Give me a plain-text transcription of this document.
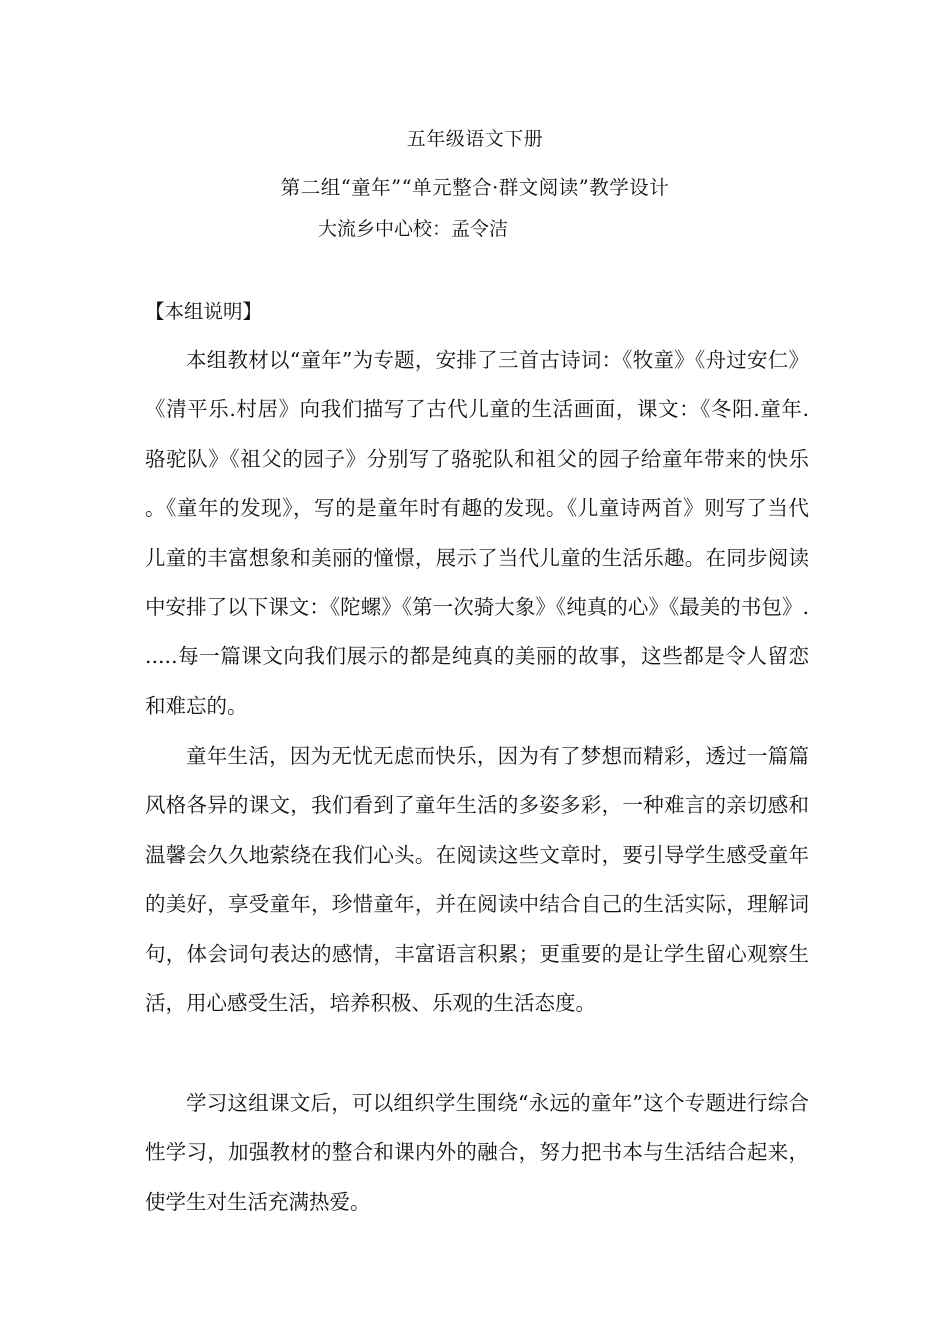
五年级语文下册
第二组“童年”“单元整合·群文阅读”教学设计
大流乡中心校：孟令洁
【本组说明】

本组教材以“童年”为专题，安排了三首古诗词：《牧童》《舟过安仁》《清平乐.村居》向我们描写了古代儿童的生活画面，课文：《冬阳.童年.骆驼队》《祖父的园子》分别写了骆驼队和祖父的园子给童年带来的快乐。《童年的发现》，写的是童年时有趣的发现。《儿童诗两首》则写了当代儿童的丰富想象和美丽的憧憬，展示了当代儿童的生活乐趣。在同步阅读中安排了以下课文：《陀螺》《第一次骑大象》《纯真的心》《最美的书包》......每一篇课文向我们展示的都是纯真的美丽的故事，这些都是令人留恋和难忘的。

童年生活，因为无忧无虑而快乐，因为有了梦想而精彩，透过一篇篇风格各异的课文，我们看到了童年生活的多姿多彩，一种难言的亲切感和温馨会久久地萦绕在我们心头。在阅读这些文章时，要引导学生感受童年的美好，享受童年，珍惜童年，并在阅读中结合自己的生活实际，理解词句，体会词句表达的感情，丰富语言积累；更重要的是让学生留心观察生活，用心感受生活，培养积极、乐观的生活态度。

学习这组课文后，可以组织学生围绕“永远的童年”这个专题进行综合性学习，加强教材的整合和课内外的融合，努力把书本与生活结合起来，使学生对生活充满热爱。
